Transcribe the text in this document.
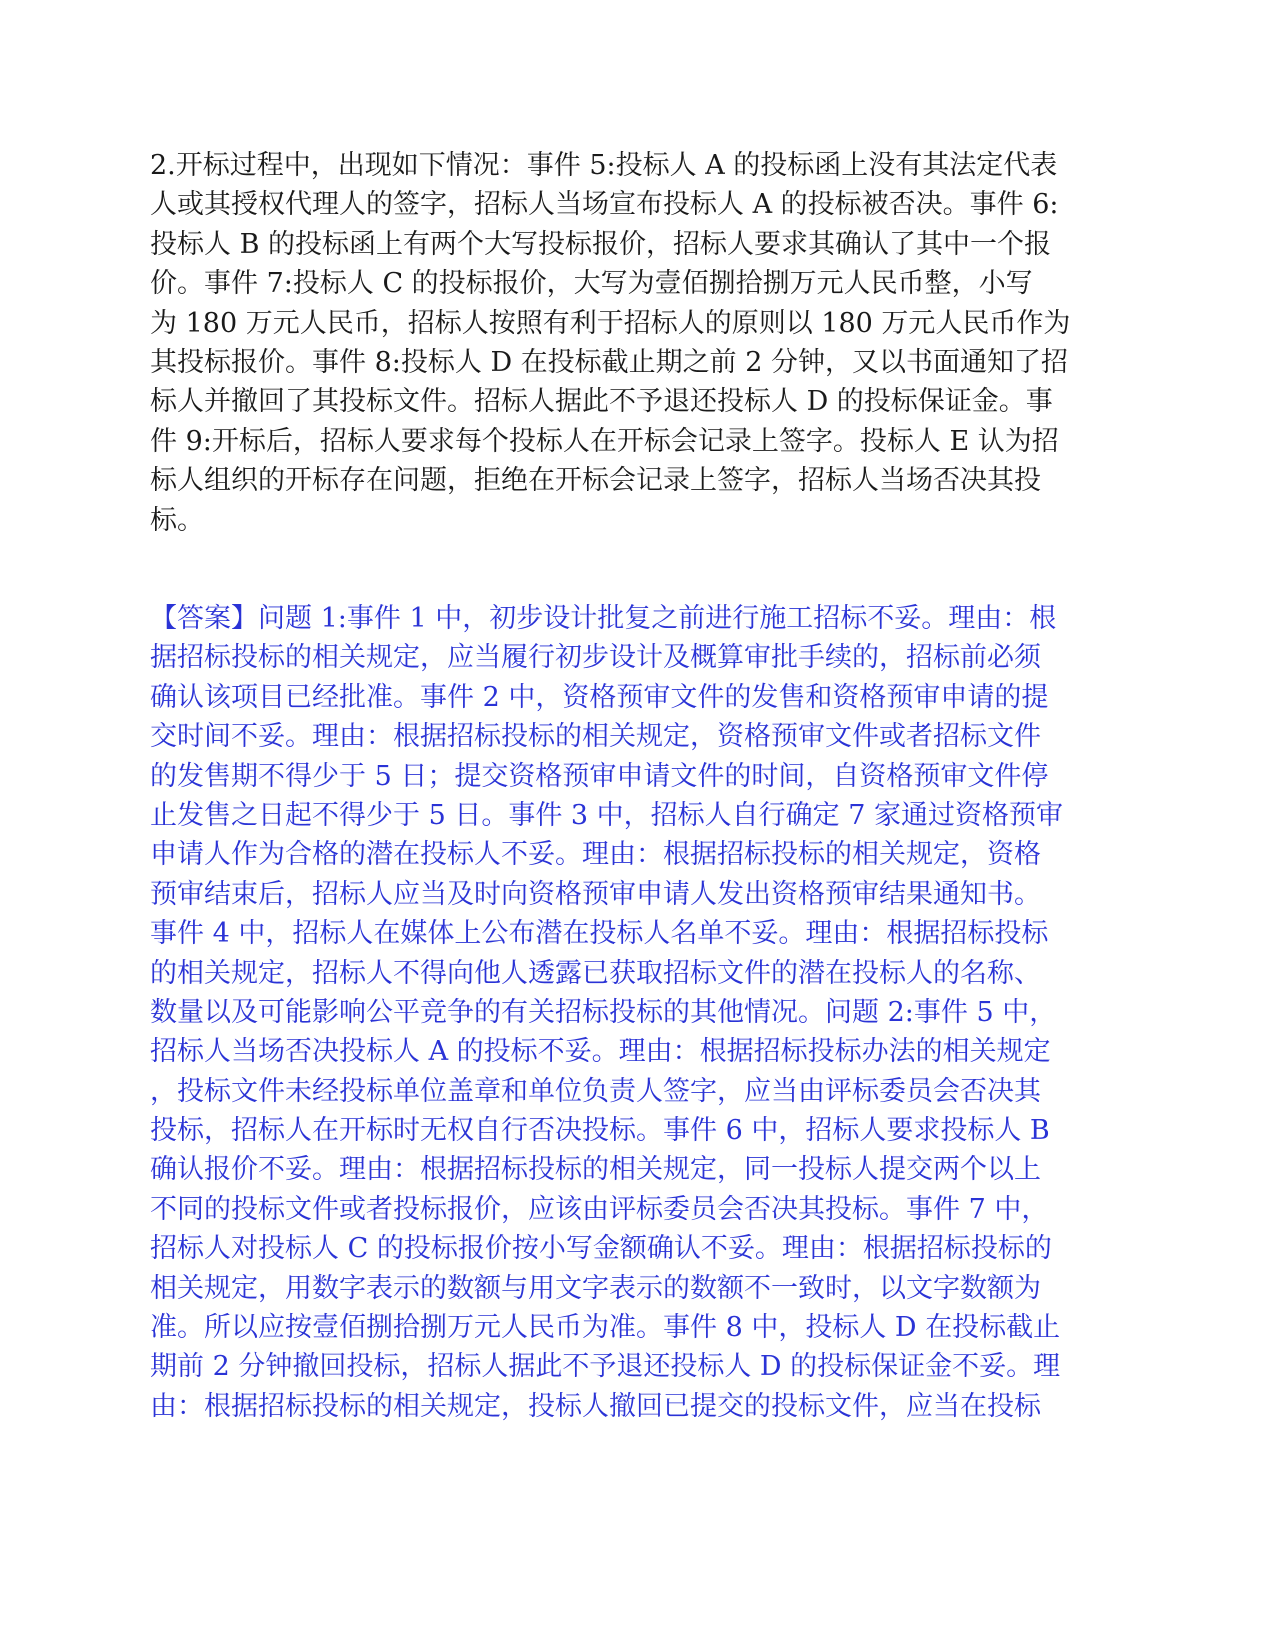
2.开标过程中，出现如下情况：事件 5:投标人 A 的投标函上没有其法定代表
人或其授权代理人的签字，招标人当场宣布投标人 A 的投标被否决。事件 6:
投标人 B 的投标函上有两个大写投标报价，招标人要求其确认了其中一个报
价。事件 7:投标人 C 的投标报价，大写为壹佰捌拾捌万元人民币整，小写
为 180 万元人民币，招标人按照有利于招标人的原则以 180 万元人民币作为
其投标报价。事件 8:投标人 D 在投标截止期之前 2 分钟，又以书面通知了招
标人并撤回了其投标文件。招标人据此不予退还投标人 D 的投标保证金。事
件 9:开标后，招标人要求每个投标人在开标会记录上签字。投标人 E 认为招
标人组织的开标存在问题，拒绝在开标会记录上签字，招标人当场否决其投
标。
【答案】问题 1:事件 1 中，初步设计批复之前进行施工招标不妥。理由：根
据招标投标的相关规定，应当履行初步设计及概算审批手续的，招标前必须
确认该项目已经批准。事件 2 中，资格预审文件的发售和资格预审申请的提
交时间不妥。理由：根据招标投标的相关规定，资格预审文件或者招标文件
的发售期不得少于 5 日；提交资格预审申请文件的时间，自资格预审文件停
止发售之日起不得少于 5 日。事件 3 中，招标人自行确定 7 家通过资格预审
申请人作为合格的潜在投标人不妥。理由：根据招标投标的相关规定，资格
预审结束后，招标人应当及时向资格预审申请人发出资格预审结果通知书。
事件 4 中，招标人在媒体上公布潜在投标人名单不妥。理由：根据招标投标
的相关规定，招标人不得向他人透露已获取招标文件的潜在投标人的名称、
数量以及可能影响公平竞争的有关招标投标的其他情况。问题 2:事件 5 中，
招标人当场否决投标人 A 的投标不妥。理由：根据招标投标办法的相关规定
，投标文件未经投标单位盖章和单位负责人签字，应当由评标委员会否决其
投标，招标人在开标时无权自行否决投标。事件 6 中，招标人要求投标人 B
确认报价不妥。理由：根据招标投标的相关规定，同一投标人提交两个以上
不同的投标文件或者投标报价，应该由评标委员会否决其投标。事件 7 中，
招标人对投标人 C 的投标报价按小写金额确认不妥。理由：根据招标投标的
相关规定，用数字表示的数额与用文字表示的数额不一致时，以文字数额为
准。所以应按壹佰捌拾捌万元人民币为准。事件 8 中，投标人 D 在投标截止
期前 2 分钟撤回投标，招标人据此不予退还投标人 D 的投标保证金不妥。理
由：根据招标投标的相关规定，投标人撤回已提交的投标文件，应当在投标
